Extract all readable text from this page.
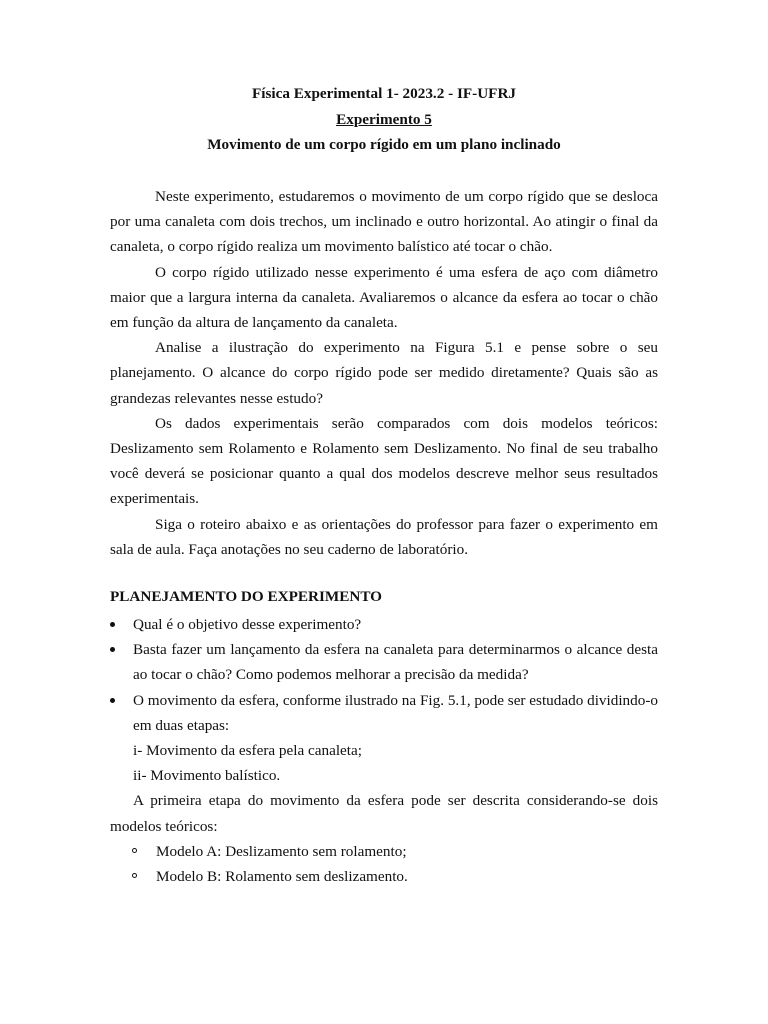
Física Experimental 1- 2023.2 - IF-UFRJ

Experimento 5

Movimento de um corpo rígido em um plano inclinado

Neste experimento, estudaremos o movimento de um corpo rígido que se desloca por uma canaleta com dois trechos, um inclinado e outro horizontal. Ao atingir o final da canaleta, o corpo rígido realiza um movimento balístico até tocar o chão.

O corpo rígido utilizado nesse experimento é uma esfera de aço com diâmetro maior que a largura interna da canaleta. Avaliaremos o alcance da esfera ao tocar o chão em função da altura de lançamento da canaleta.

Analise a ilustração do experimento na Figura 5.1 e pense sobre o seu planejamento. O alcance do corpo rígido pode ser medido diretamente? Quais são as grandezas relevantes nesse estudo?

Os dados experimentais serão comparados com dois modelos teóricos: Deslizamento sem Rolamento e Rolamento sem Deslizamento. No final de seu trabalho você deverá se posicionar quanto a qual dos modelos descreve melhor seus resultados experimentais.

Siga o roteiro abaixo e as orientações do professor para fazer o experimento em sala de aula. Faça anotações no seu caderno de laboratório.

PLANEJAMENTO DO EXPERIMENTO

Qual é o objetivo desse experimento?
Basta fazer um lançamento da esfera na canaleta para determinarmos o alcance desta ao tocar o chão? Como podemos melhorar a precisão da medida?
O movimento da esfera, conforme ilustrado na Fig. 5.1, pode ser estudado dividindo-o em duas etapas:
i- Movimento da esfera pela canaleta;
ii- Movimento balístico.
A primeira etapa do movimento da esfera pode ser descrita considerando-se dois modelos teóricos:
Modelo A: Deslizamento sem rolamento;
Modelo B: Rolamento sem deslizamento.
